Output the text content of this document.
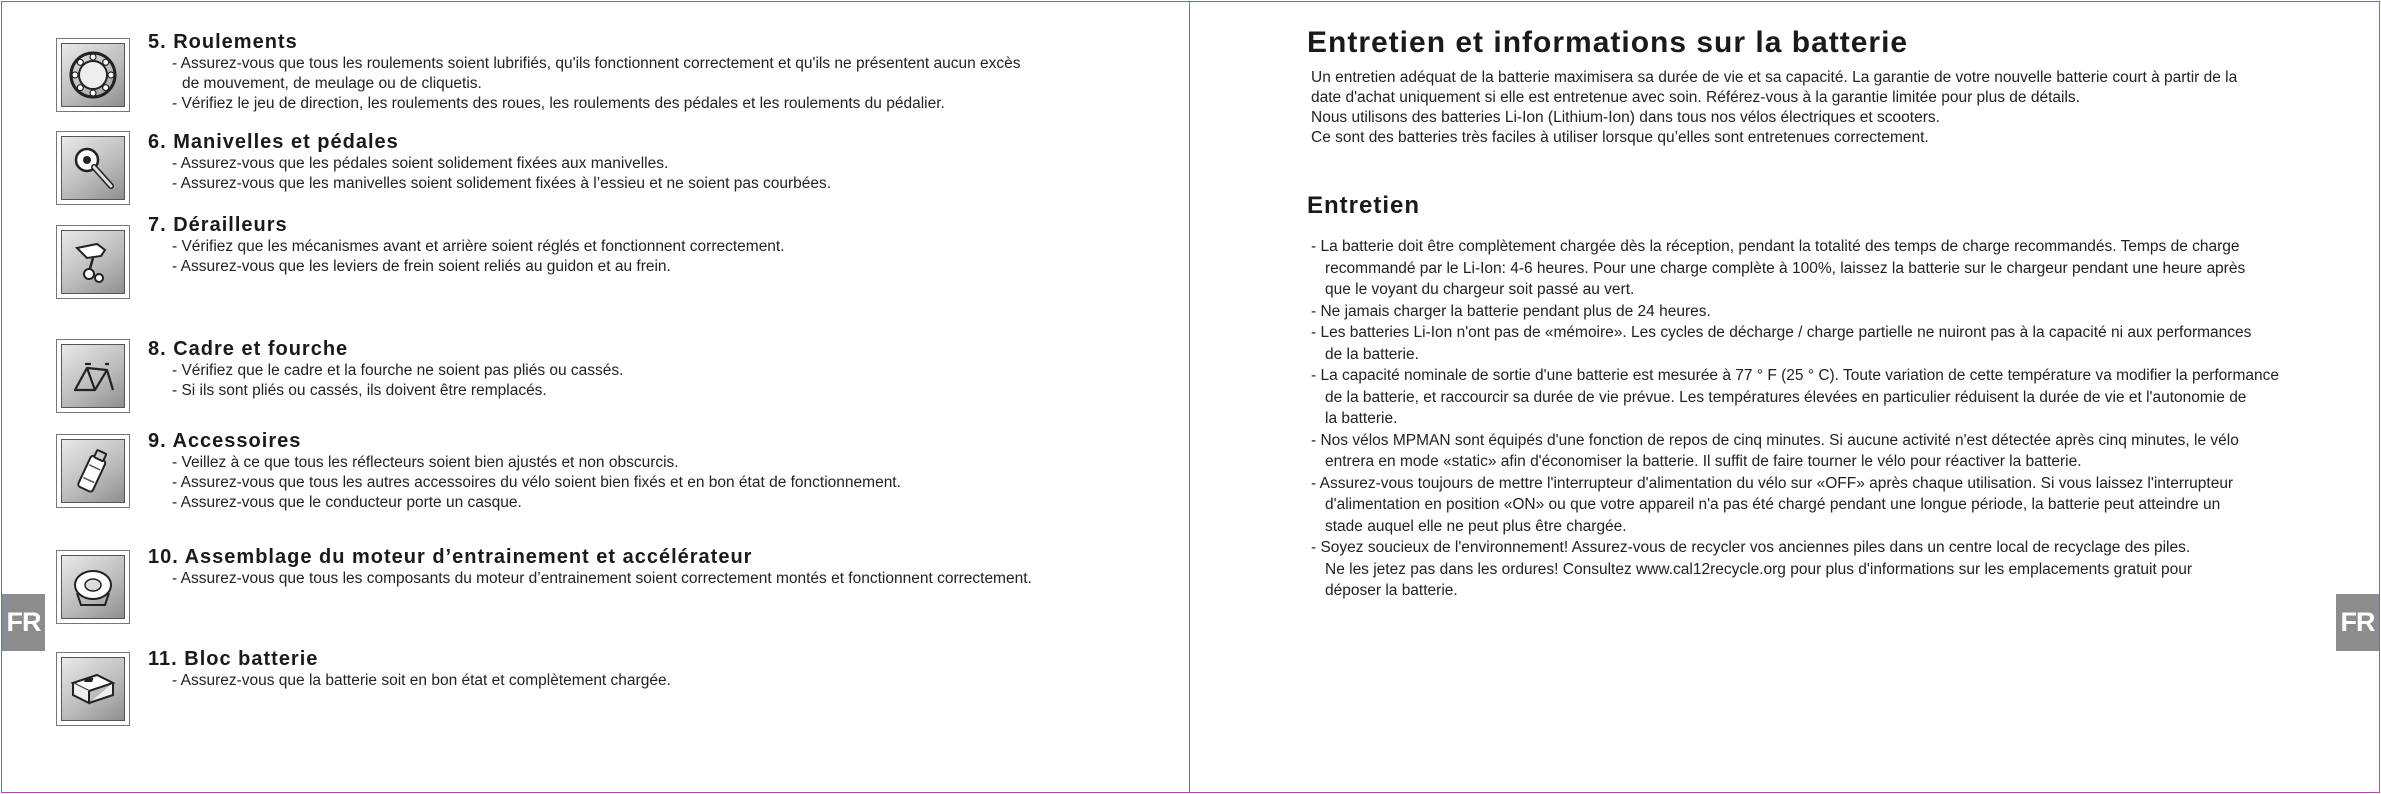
FR	FR
5. Roulements
- Assurez-vous que tous les roulements soient lubrifiés, qu'ils fonctionnent correctement et qu'ils ne présentent aucun excès
de mouvement, de meulage ou de cliquetis.
- Vérifiez le jeu de direction, les roulements des roues, les roulements des pédales et les roulements du pédalier.
6. Manivelles et pédales
- Assurez-vous que les pédales soient solidement fixées aux manivelles.
- Assurez-vous que les manivelles soient solidement fixées à l’essieu et ne soient pas courbées.
7. Dérailleurs
- Vérifiez que les mécanismes avant et arrière soient réglés et fonctionnent correctement.
- Assurez-vous que les leviers de frein soient reliés au guidon et au frein.
8. Cadre et fourche
- Vérifiez que le cadre et la fourche ne soient pas pliés ou cassés.
- Si ils sont pliés ou cassés, ils doivent être remplacés.
9. Accessoires
- Veillez à ce que tous les réflecteurs soient bien ajustés et non obscurcis.
- Assurez-vous que tous les autres accessoires du vélo soient bien fixés et en bon état de fonctionnement.
- Assurez-vous que le conducteur porte un casque.
10. Assemblage du moteur d’entrainement et accélérateur
- Assurez-vous que tous les composants du moteur d’entrainement soient correctement montés et fonctionnent correctement.
11. Bloc batterie
- Assurez-vous que la batterie soit en bon état et complètement chargée.
Entretien et informations sur la batterie

Un entretien adéquat de la batterie maximisera sa durée de vie et sa capacité. La garantie de votre nouvelle batterie court à partir de la

date d'achat uniquement si elle est entretenue avec soin. Référez-vous à la garantie limitée pour plus de détails.

Nous utilisons des batteries Li-Ion (Lithium-Ion) dans tous nos vélos électriques et scooters.

Ce sont des batteries très faciles à utiliser lorsque qu’elles sont entretenues correctement.

Entretien
- La batterie doit être complètement chargée dès la réception, pendant la totalité des temps de charge recommandés. Temps de charge
recommandé par le Li-Ion: 4-6 heures. Pour une charge complète à 100%, laissez la batterie sur le chargeur pendant une heure après
que le voyant du chargeur soit passé au vert.
- Ne jamais charger la batterie pendant plus de 24 heures.
- Les batteries Li-Ion n'ont pas de «mémoire». Les cycles de décharge / charge partielle ne nuiront pas à la capacité ni aux performances
de la batterie.
- La capacité nominale de sortie d'une batterie est mesurée à 77 ° F (25 ° C). Toute variation de cette température va modifier la performance
de la batterie, et raccourcir sa durée de vie prévue. Les températures élevées en particulier réduisent la durée de vie et l'autonomie de
la batterie.
- Nos vélos MPMAN sont équipés d'une fonction de repos de cinq minutes. Si aucune activité n'est détectée après cinq minutes, le vélo
entrera en mode «static» afin d'économiser la batterie. Il suffit de faire tourner le vélo pour réactiver la batterie.
- Assurez-vous toujours de mettre l'interrupteur d'alimentation du vélo sur «OFF» après chaque utilisation. Si vous laissez l'interrupteur
d'alimentation en position «ON» ou que votre appareil n'a pas été chargé pendant une longue période, la batterie peut atteindre un
stade auquel elle ne peut plus être chargée.
- Soyez soucieux de l'environnement! Assurez-vous de recycler vos anciennes piles dans un centre local de recyclage des piles.
Ne les jetez pas dans les ordures! Consultez www.cal12recycle.org pour plus d'informations sur les emplacements gratuit pour
déposer la batterie.
